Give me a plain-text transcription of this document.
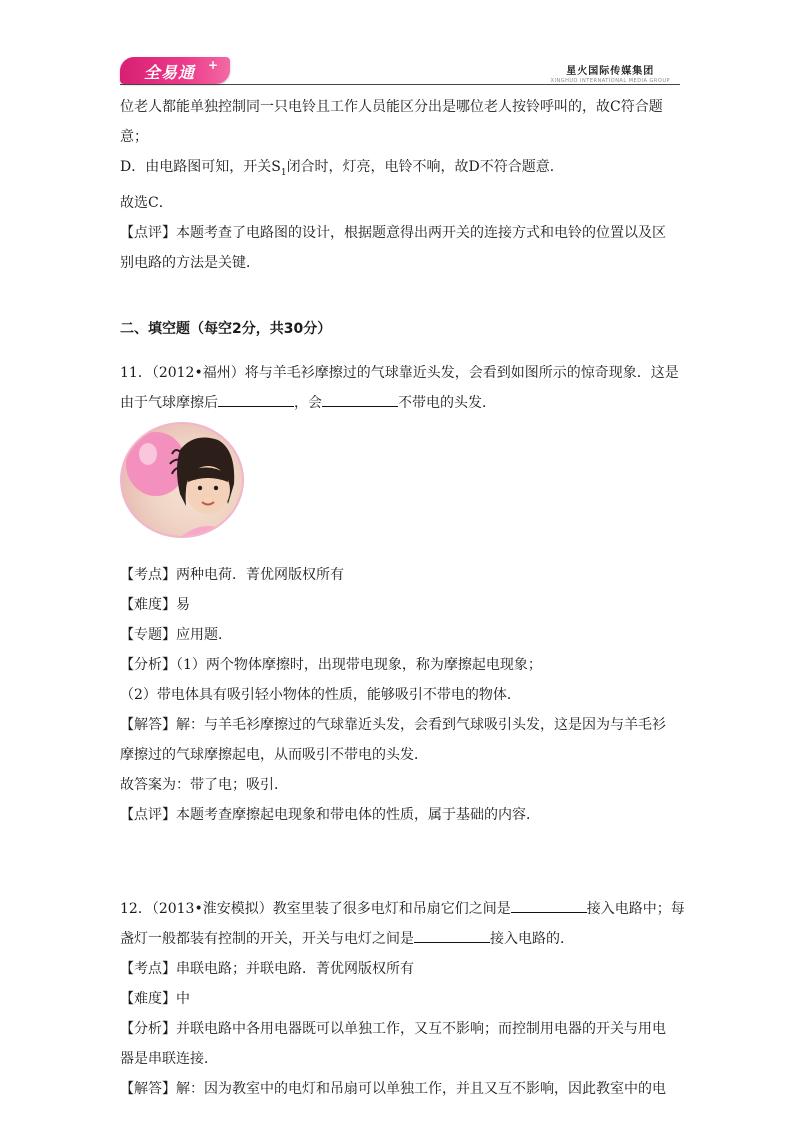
全易通 +	星火国际传媒集团
XINGHUO INTERNATIONAL MEDIA GROUP

位老人都能单独控制同一只电铃且工作人员能区分出是哪位老人按铃呼叫的，故C符合题

意；

D．由电路图可知，开关$S_1$闭合时，灯亮，电铃不响，故D不符合题意．

故选C．

【点评】本题考查了电路图的设计，根据题意得出两开关的连接方式和电铃的位置以及区

别电路的方法是关键．

二、填空题（每空2分，共30分）

11．（2012•福州）将与羊毛衫摩擦过的气球靠近头发，会看到如图所示的惊奇现象．这是

由于气球摩擦后	，会	不带电的头发．

【考点】两种电荷．菁优网版权所有

【难度】易

【专题】应用题．

【分析】（1）两个物体摩擦时，出现带电现象，称为摩擦起电现象；

（2）带电体具有吸引轻小物体的性质，能够吸引不带电的物体．

【解答】解：与羊毛衫摩擦过的气球靠近头发，会看到气球吸引头发，这是因为与羊毛衫

摩擦过的气球摩擦起电，从而吸引不带电的头发．

故答案为：带了电；吸引．

【点评】本题考查摩擦起电现象和带电体的性质，属于基础的内容．

12．（2013•淮安模拟）教室里装了很多电灯和吊扇它们之间是	接入电路中；每

盏灯一般都装有控制的开关，开关与电灯之间是	接入电路的．

【考点】串联电路；并联电路．菁优网版权所有

【难度】中

【分析】并联电路中各用电器既可以单独工作，又互不影响；而控制用电器的开关与用电

器是串联连接．

【解答】解：因为教室中的电灯和吊扇可以单独工作，并且又互不影响，因此教室中的电
